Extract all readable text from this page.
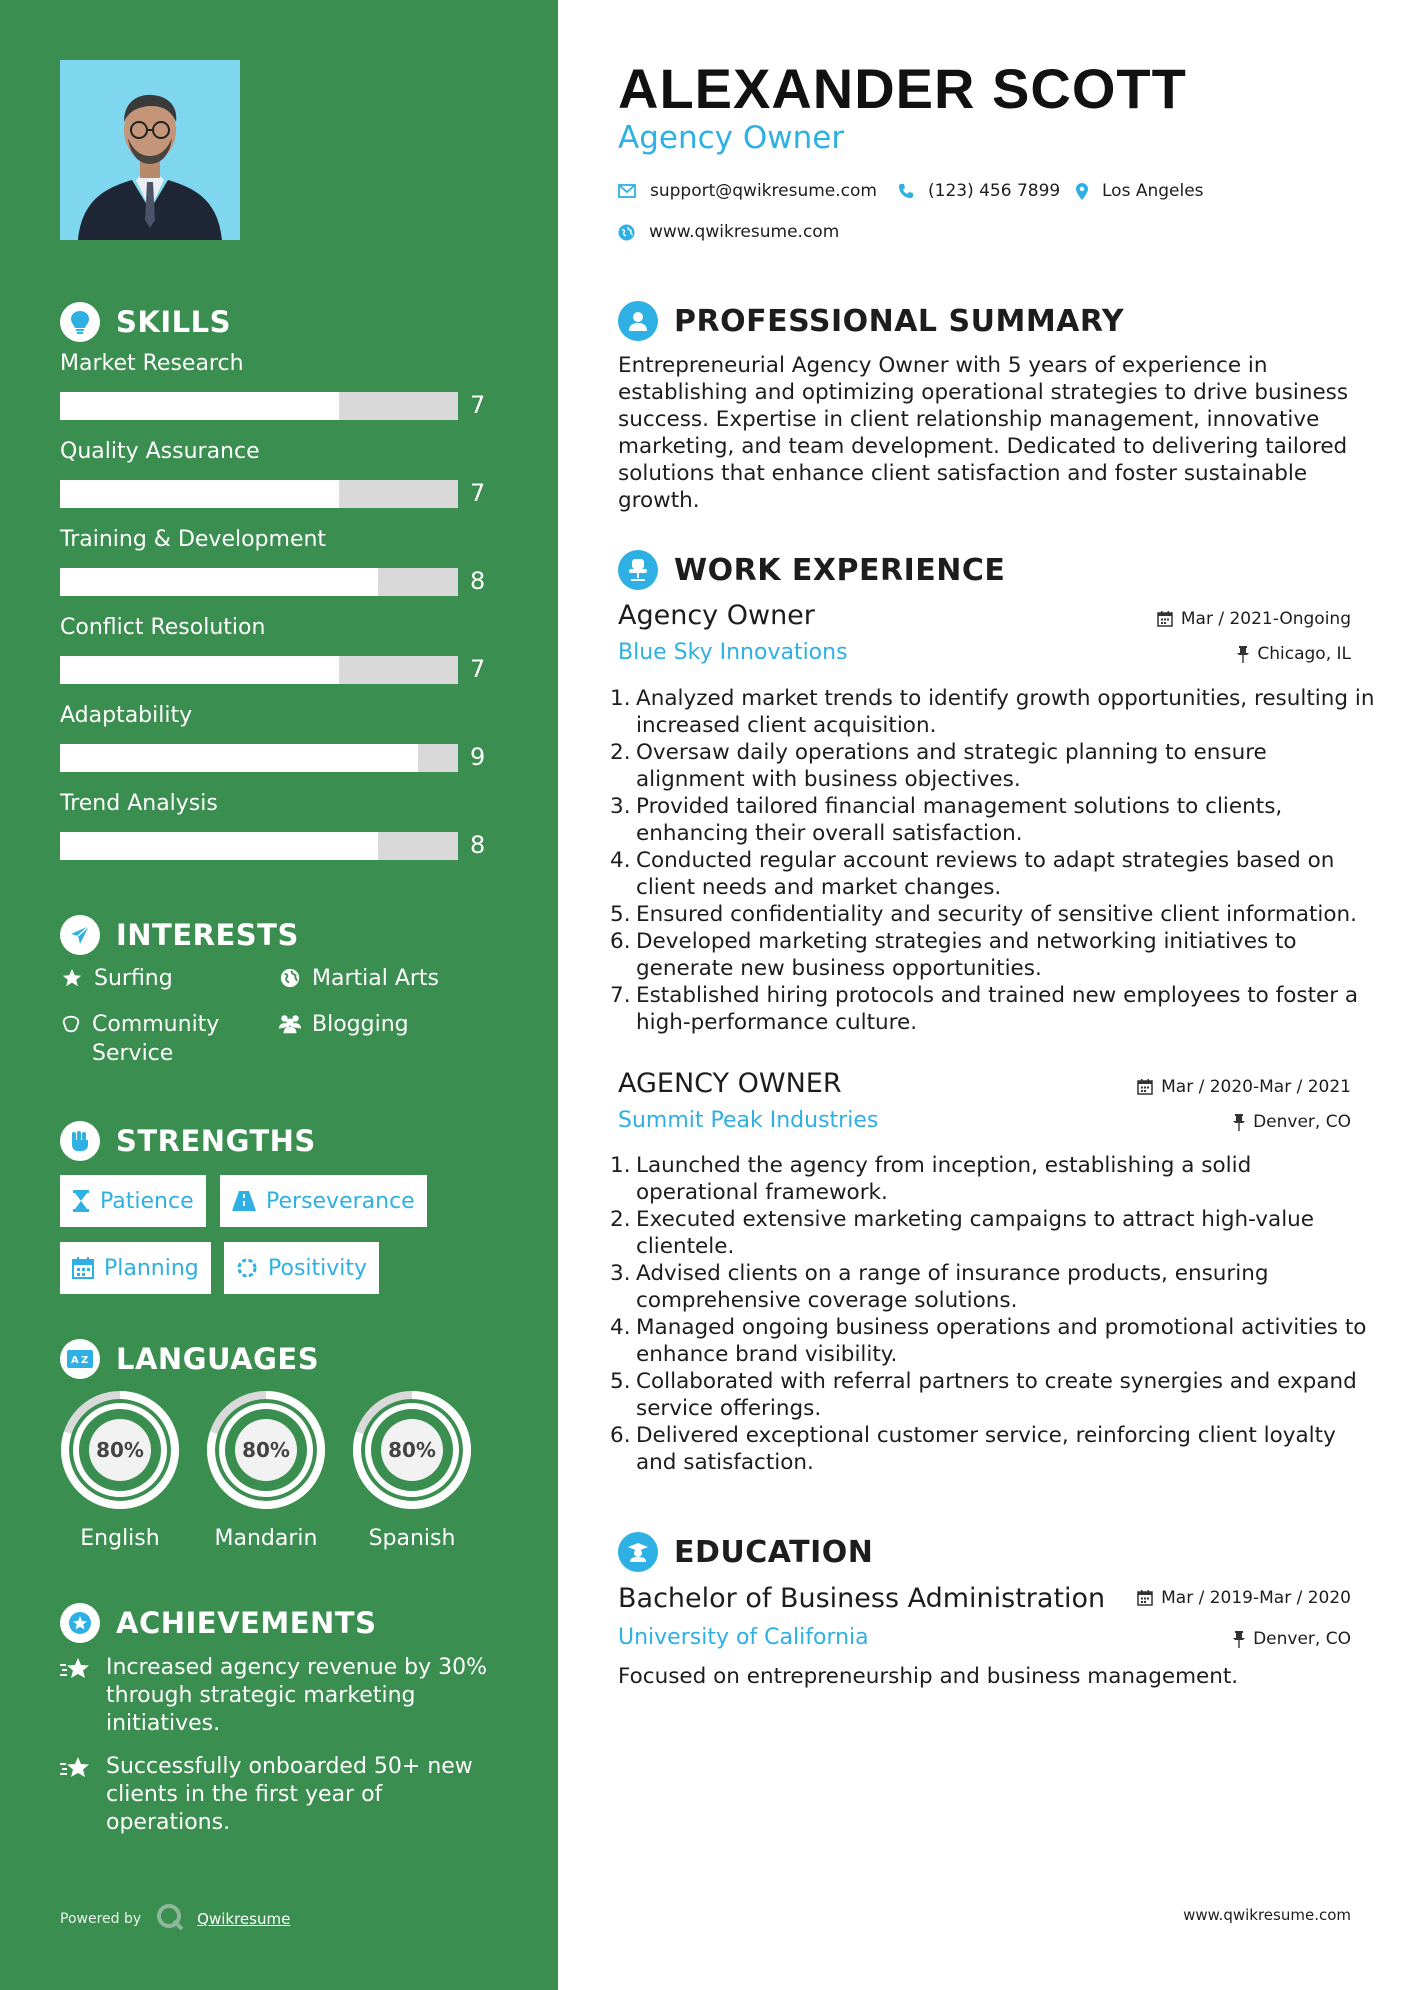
SKILLS
Market Research
7
Quality Assurance
7
Training & Development
8
Conflict Resolution
7
Adaptability
9
Trend Analysis
8
INTERESTS
Surfing	Martial Arts
Community Service
Blogging
STRENGTHS
Patience	Perseverance
Planning	Positivity
A Z LANGUAGES
80%
English
80%
Mandarin
80%
Spanish
ACHIEVEMENTS
Increased agency revenue by 30% through strategic marketing initiatives.
Successfully onboarded 50+ new clients in the first year of operations.
Powered by	Qwikresume
ALEXANDER SCOTT
Agency Owner
support@qwikresume.com	(123) 456 7899 Los Angeles
www.qwikresume.com
PROFESSIONAL SUMMARY
Entrepreneurial Agency Owner with 5 years of experience in establishing and optimizing operational strategies to drive business success. Expertise in client relationship management, innovative marketing, and team development. Dedicated to delivering tailored solutions that enhance client satisfaction and foster sustainable growth.
WORK EXPERIENCE
Agency Owner	Mar / 2021-Ongoing
Blue Sky Innovations	Chicago, IL
Analyzed market trends to identify growth opportunities, resulting in increased client acquisition.
Oversaw daily operations and strategic planning to ensure alignment with business objectives.
Provided tailored financial management solutions to clients, enhancing their overall satisfaction.
Conducted regular account reviews to adapt strategies based on client needs and market changes.
Ensured confidentiality and security of sensitive client information.
Developed marketing strategies and networking initiatives to generate new business opportunities.
Established hiring protocols and trained new employees to foster a high-performance culture.
AGENCY OWNER	Mar / 2020-Mar / 2021
Summit Peak Industries	Denver, CO
Launched the agency from inception, establishing a solid operational framework.
Executed extensive marketing campaigns to attract high-value clientele.
Advised clients on a range of insurance products, ensuring comprehensive coverage solutions.
Managed ongoing business operations and promotional activities to enhance brand visibility.
Collaborated with referral partners to create synergies and expand service offerings.
Delivered exceptional customer service, reinforcing client loyalty and satisfaction.
EDUCATION
Bachelor of Business Administration	Mar / 2019-Mar / 2020
University of California	Denver, CO
Focused on entrepreneurship and business management.
www.qwikresume.com
